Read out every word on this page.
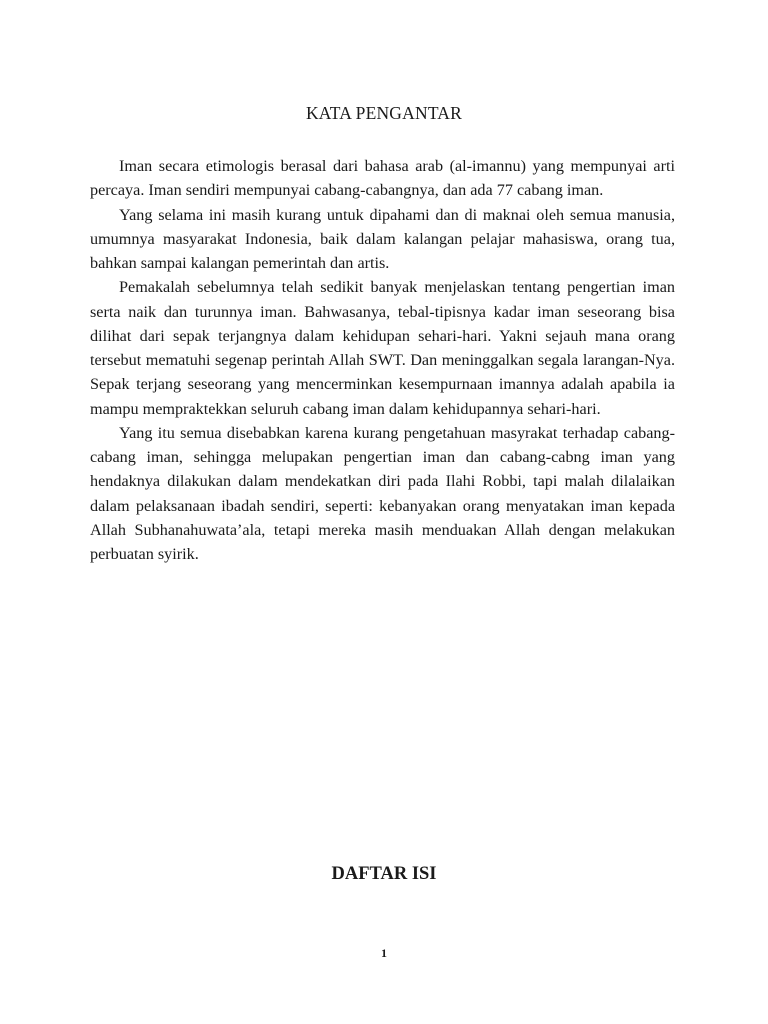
KATA PENGANTAR

Iman secara etimologis berasal dari bahasa arab (al-imannu) yang mempunyai arti percaya. Iman sendiri mempunyai cabang-cabangnya, dan ada 77 cabang iman.

Yang selama ini masih kurang untuk dipahami dan di maknai oleh semua manusia, umumnya masyarakat Indonesia, baik dalam kalangan pelajar mahasiswa, orang tua, bahkan sampai kalangan pemerintah dan artis.

Pemakalah sebelumnya telah sedikit banyak menjelaskan tentang pengertian iman serta naik dan turunnya iman. Bahwasanya, tebal-tipisnya kadar iman seseorang bisa dilihat dari sepak terjangnya dalam kehidupan sehari-hari. Yakni sejauh mana orang tersebut mematuhi segenap perintah Allah SWT. Dan meninggalkan segala larangan-Nya. Sepak terjang seseorang yang mencerminkan kesempurnaan imannya adalah apabila ia mampu mempraktekkan seluruh cabang iman dalam kehidupannya sehari-hari.

Yang itu semua disebabkan karena kurang pengetahuan masyrakat terhadap cabang-cabang iman, sehingga melupakan pengertian iman dan cabang-cabng iman yang hendaknya dilakukan dalam mendekatkan diri pada Ilahi Robbi, tapi malah dilalaikan dalam pelaksanaan ibadah sendiri, seperti: kebanyakan orang menyatakan iman kepada Allah Subhanahuwata’ala, tetapi mereka masih menduakan Allah dengan melakukan perbuatan syirik.

DAFTAR ISI
1
